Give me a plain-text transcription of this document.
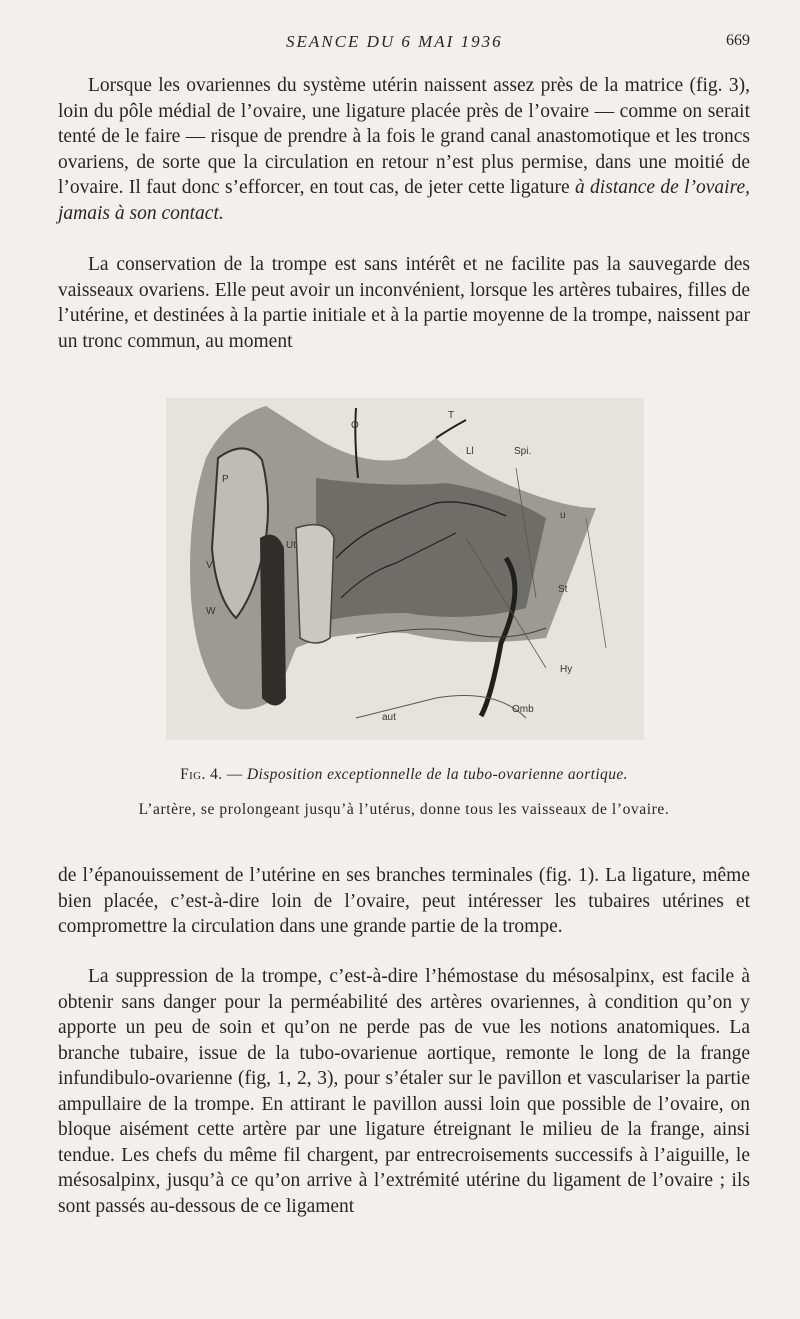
SEANCE DU 6 MAI 1936	669

Lorsque les ovariennes du système utérin naissent assez près de la matrice (fig. 3), loin du pôle médial de l’ovaire, une ligature placée près de l’ovaire — comme on serait tenté de le faire — risque de prendre à la fois le grand canal anastomotique et les troncs ovariens, de sorte que la circulation en retour n’est plus permise, dans une moitié de l’ovaire. Il faut donc s’efforcer, en tout cas, de jeter cette ligature à distance de l’ovaire, jamais à son contact.

La conservation de la trompe est sans intérêt et ne facilite pas la sauvegarde des vaisseaux ovariens. Elle peut avoir un inconvénient, lorsque les artères tubaires, filles de l’utérine, et destinées à la partie initiale et à la partie moyenne de la trompe, naissent par un tronc commun, au moment

O
T
Ll	Spi.
u
P
V
W
Ut
St
Hy
Omb
aut
Fig. 4. — Disposition exceptionnelle de la tubo-ovarienne aortique.
L’artère, se prolongeant jusqu’à l’utérus, donne tous les vaisseaux de l’ovaire.

de l’épanouissement de l’utérine en ses branches terminales (fig. 1). La ligature, même bien placée, c’est-à-dire loin de l’ovaire, peut intéresser les tubaires utérines et compromettre la circulation dans une grande partie de la trompe.

La suppression de la trompe, c’est-à-dire l’hémostase du mésosalpinx, est facile à obtenir sans danger pour la perméabilité des artères ovariennes, à condition qu’on y apporte un peu de soin et qu’on ne perde pas de vue les notions anatomiques. La branche tubaire, issue de la tubo-ovarienue aortique, remonte le long de la frange infundibulo-ovarienne (fig, 1, 2, 3), pour s’étaler sur le pavillon et vasculariser la partie ampullaire de la trompe. En attirant le pavillon aussi loin que possible de l’ovaire, on bloque aisément cette artère par une ligature étreignant le milieu de la frange, ainsi tendue. Les chefs du même fil chargent, par entrecroisements successifs à l’aiguille, le mésosalpinx, jusqu’à ce qu’on arrive à l’extrémité utérine du ligament de l’ovaire ; ils sont passés au-dessous de ce ligament
